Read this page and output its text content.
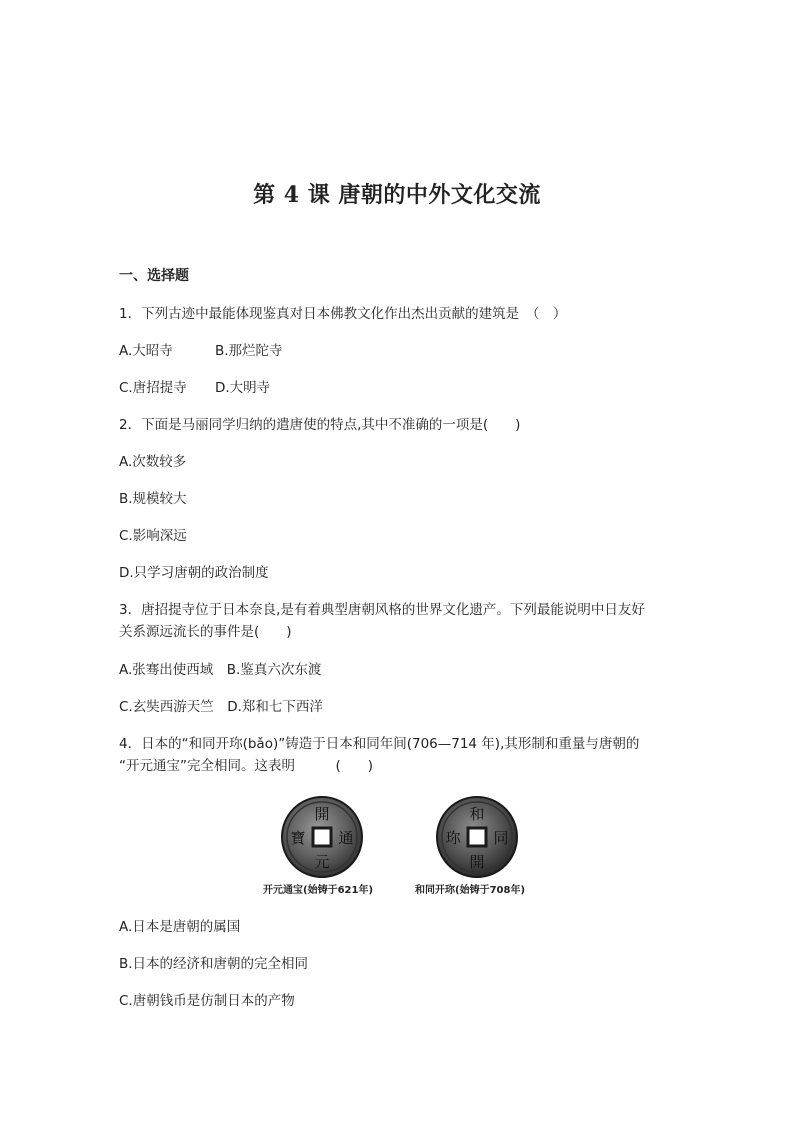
第 4 课 唐朝的中外文化交流
一、选择题
1．下列古迹中最能体现鉴真对日本佛教文化作出杰出贡献的建筑是　（　）
A.大昭寺	B.那烂陀寺
C.唐招提寺 D.大明寺
2．下面是马丽同学归纳的遣唐使的特点,其中不准确的一项是(　　)
A.次数较多
B.规模较大
C.影响深远
D.只学习唐朝的政治制度
3．唐招提寺位于日本奈良,是有着典型唐朝风格的世界文化遗产。下列最能说明中日友好
关系源远流长的事件是(　　)
A.张骞出使西域　B.鉴真六次东渡
C.玄奘西游天竺　D.郑和七下西洋
4．日本的“和同开珎(bǎo)”铸造于日本和同年间(706—714 年),其形制和重量与唐朝的
“开元通宝”完全相同。这表明　　　(　　)
開
元
寶 通
和
開
珎 同
开元通宝(始铸于621年)	和同开珎(始铸于708年)
A.日本是唐朝的属国
B.日本的经济和唐朝的完全相同
C.唐朝钱币是仿制日本的产物
